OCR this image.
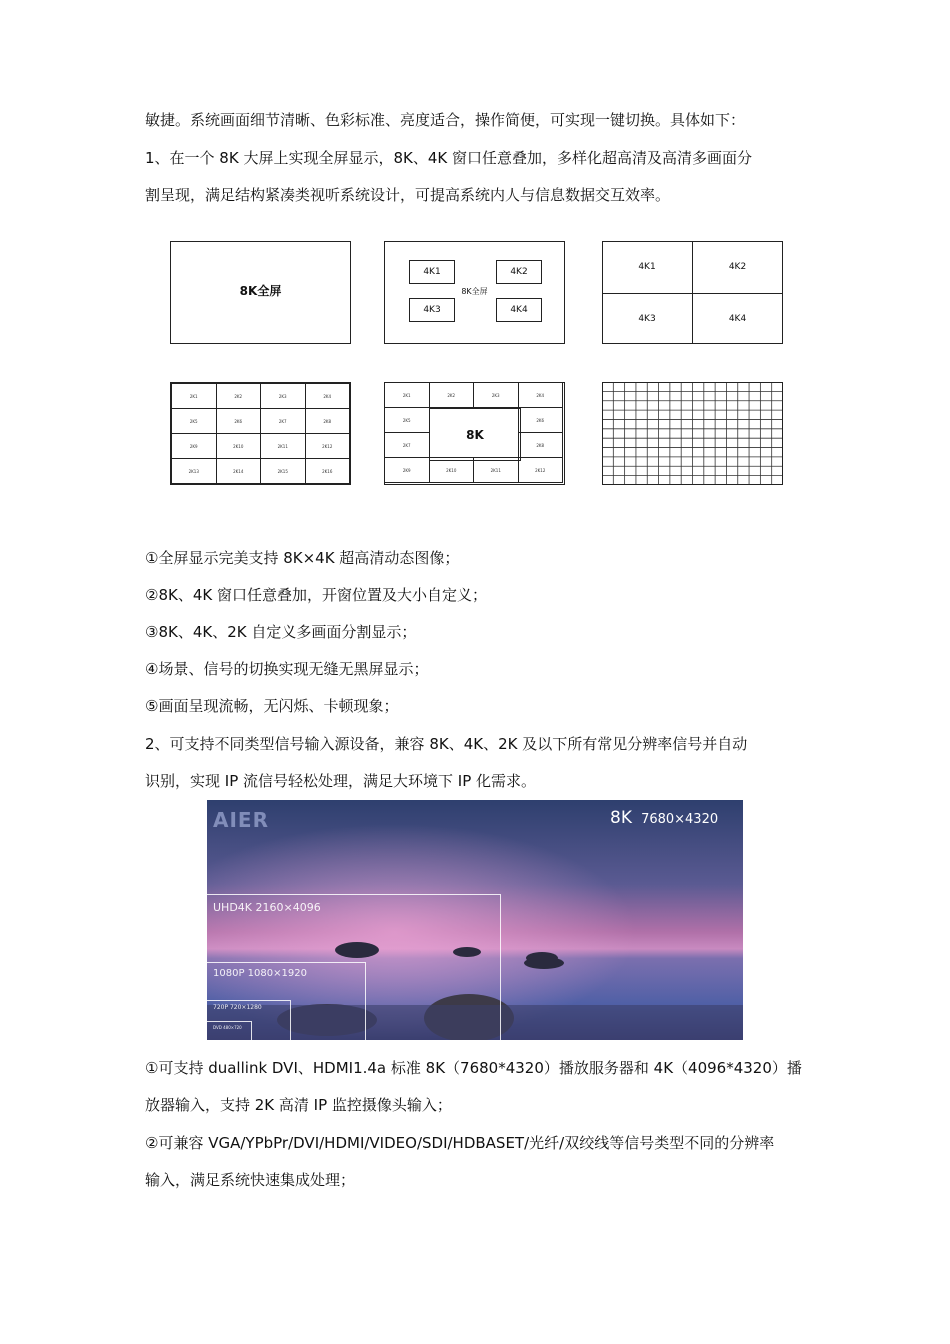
敏捷。系统画面细节清晰、色彩标准、亮度适合，操作简便，可实现一键切换。具体如下：
1、在一个 8K 大屏上实现全屏显示，8K、4K 窗口任意叠加，多样化超高清及高清多画面分
割呈现，满足结构紧凑类视听系统设计，可提高系统内人与信息数据交互效率。
8K全屏	8K全屏
4K1	4K2
4K3	4K4
4K1	4K2
4K3	4K4
2K1	2K2	2K3	2K4
2K5	2K6	2K7	2K8
2K9	2K10	2K11	2K12
2K13	2K14	2K15	2K16
8K
2K1	2K2	2K3	2K4
2K9	2K10	2K11	2K12
2K5
2K7
2K6
2K8
①全屏显示完美支持 8K×4K 超高清动态图像；
②8K、4K 窗口任意叠加，开窗位置及大小自定义；
③8K、4K、2K 自定义多画面分割显示；
④场景、信号的切换实现无缝无黑屏显示；
⑤画面呈现流畅，无闪烁、卡顿现象；
2、可支持不同类型信号输入源设备，兼容 8K、4K、2K 及以下所有常见分辨率信号并自动
识别，实现 IP 流信号轻松处理，满足大环境下 IP 化需求。
AIER	8K 7680×4320
UHD4K 2160×4096
1080P 1080×1920
720P 720×1280
DVD 480×720
①可支持 duallink DVI、HDMI1.4a 标准 8K（7680*4320）播放服务器和 4K（4096*4320）播
放器输入，支持 2K 高清 IP 监控摄像头输入；
②可兼容 VGA/YPbPr/DVI/HDMI/VIDEO/SDI/HDBASET/光纤/双绞线等信号类型不同的分辨率
输入，满足系统快速集成处理；
